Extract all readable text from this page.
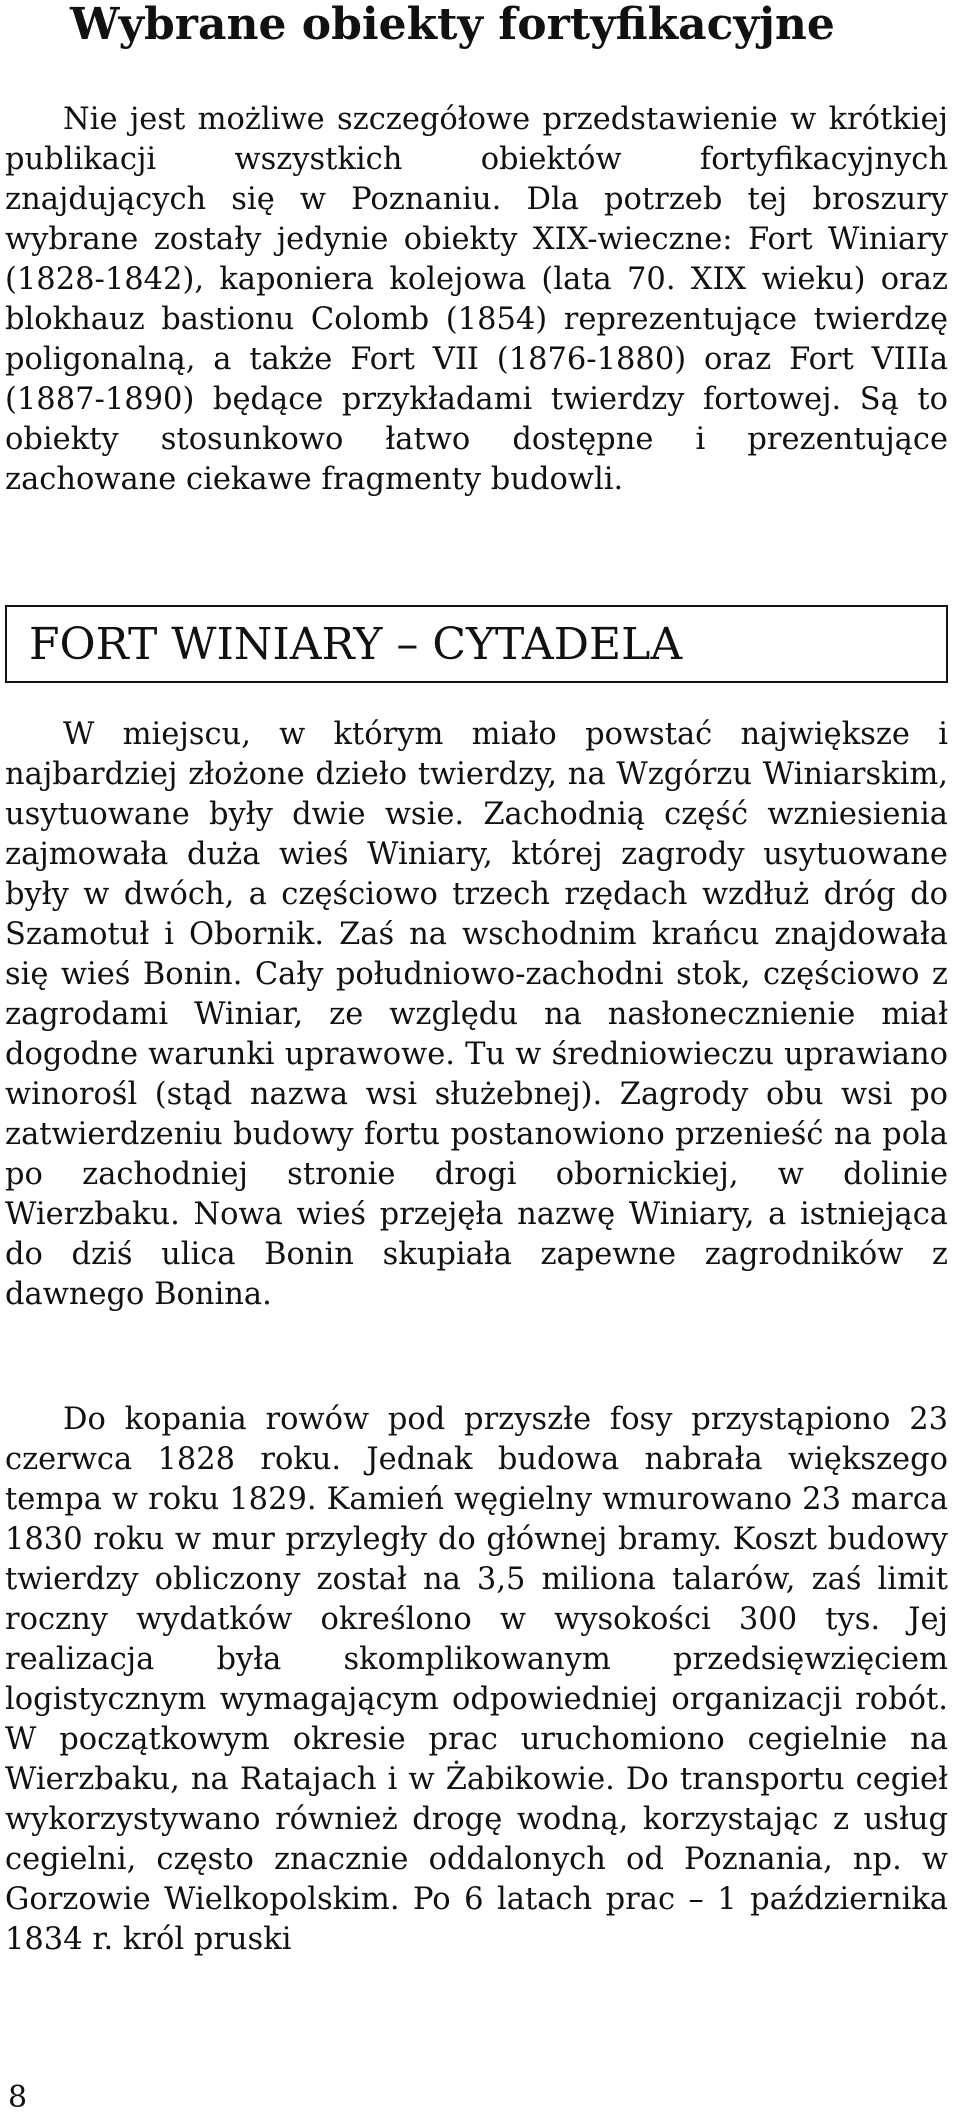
Wybrane obiekty fortyfikacyjne

Nie jest możliwe szczegółowe przedstawienie w krótkiej publikacji wszystkich obiektów fortyfikacyjnych znajdujących się w Poznaniu. Dla potrzeb tej broszury wybrane zostały jedynie obiekty XIX-wieczne: Fort Winiary (1828-1842), kaponiera kolejowa (lata 70. XIX wieku) oraz blokhauz bastionu Colomb (1854) reprezentujące twierdzę poligonalną, a także Fort VII (1876-1880) oraz Fort VIIIa (1887-1890) będące przykładami twierdzy fortowej. Są to obiekty stosunkowo łatwo dostępne i prezentujące zachowane ciekawe fragmenty budowli.

FORT WINIARY – CYTADELA

W miejscu, w którym miało powstać największe i najbardziej złożone dzieło twierdzy, na Wzgórzu Winiarskim, usytuowane były dwie wsie. Zachodnią część wzniesienia zajmowała duża wieś Winiary, której zagrody usytuowane były w dwóch, a częściowo trzech rzędach wzdłuż dróg do Szamotuł i Obornik. Zaś na wschodnim krańcu znajdowała się wieś Bonin. Cały południowo-zachodni stok, częściowo z zagrodami Winiar, ze względu na nasłonecznienie miał dogodne warunki uprawowe. Tu w średniowieczu uprawiano winorośl (stąd nazwa wsi służebnej). Zagrody obu wsi po zatwierdzeniu budowy fortu postanowiono przenieść na pola po zachodniej stronie drogi obornickiej, w dolinie Wierzbaku. Nowa wieś przejęła nazwę Winiary, a istniejąca do dziś ulica Bonin skupiała zapewne zagrodników z dawnego Bonina.

Do kopania rowów pod przyszłe fosy przystąpiono 23 czerwca 1828 roku. Jednak budowa nabrała większego tempa w roku 1829. Kamień węgielny wmurowano 23 marca 1830 roku w mur przyległy do głównej bramy. Koszt budowy twierdzy obliczony został na 3,5 miliona talarów, zaś limit roczny wydatków określono w wysokości 300 tys. Jej realizacja była skomplikowanym przedsięwzięciem logistycznym wymagającym odpowiedniej organizacji robót. W początkowym okresie prac uruchomiono cegielnie na Wierzbaku, na Ratajach i w Żabikowie. Do transportu cegieł wykorzystywano również drogę wodną, korzystając z usług cegielni, często znacznie oddalonych od Poznania, np. w Gorzowie Wielkopolskim. Po 6 latach prac – 1 października 1834 r. król pruski

8
